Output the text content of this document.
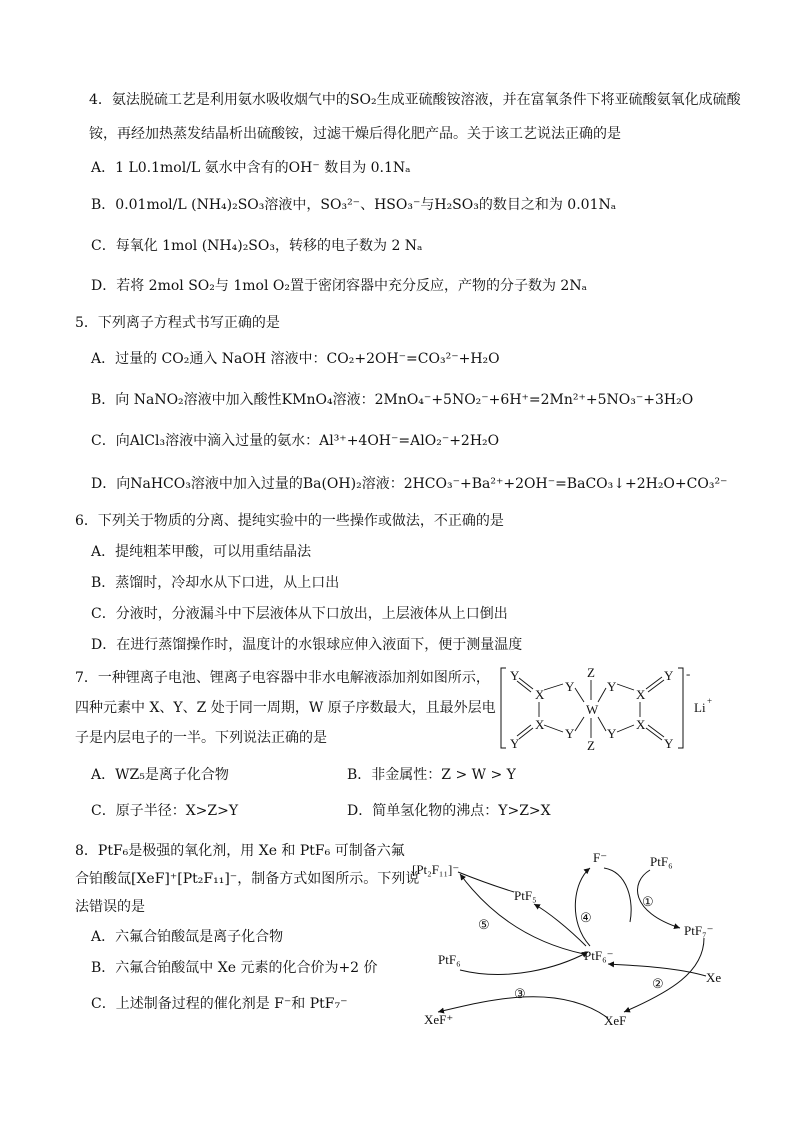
4．氨法脱硫工艺是利用氨水吸收烟气中的SO₂生成亚硫酸铵溶液，并在富氧条件下将亚硫酸氨氧化成硫酸
铵，再经加热蒸发结晶析出硫酸铵，过滤干燥后得化肥产品。关于该工艺说法正确的是
A．1 L0.1mol/L 氨水中含有的OH⁻ 数目为 0.1Nₐ
B．0.01mol/L (NH₄)₂SO₃溶液中，SO₃²⁻、HSO₃⁻与H₂SO₃的数目之和为 0.01Nₐ
C．每氧化 1mol (NH₄)₂SO₃，转移的电子数为 2 Nₐ
D．若将 2mol SO₂与 1mol O₂置于密闭容器中充分反应，产物的分子数为 2Nₐ
5．下列离子方程式书写正确的是
A．过量的 CO₂通入 NaOH 溶液中：CO₂+2OH⁻=CO₃²⁻+H₂O
B．向 NaNO₂溶液中加入酸性KMnO₄溶液：2MnO₄⁻+5NO₂⁻+6H⁺=2Mn²⁺+5NO₃⁻+3H₂O
C．向AlCl₃溶液中滴入过量的氨水：Al³⁺+4OH⁻=AlO₂⁻+2H₂O
D．向NaHCO₃溶液中加入过量的Ba(OH)₂溶液：2HCO₃⁻+Ba²⁺+2OH⁻=BaCO₃↓+2H₂O+CO₃²⁻
6．下列关于物质的分离、提纯实验中的一些操作或做法，不正确的是
A．提纯粗苯甲酸，可以用重结晶法
B．蒸馏时，冷却水从下口进，从上口出
C．分液时，分液漏斗中下层液体从下口放出，上层液体从上口倒出
D．在进行蒸馏操作时，温度计的水银球应伸入液面下，便于测量温度
7．一种锂离子电池、锂离子电容器中非水电解液添加剂如图所示，
四种元素中 X、Y、Z 处于同一周期，W 原子序数最大，且最外层电
子是内层电子的一半。下列说法正确的是
A．WZ₅是离子化合物	B．非金属性：Z > W > Y
C．原子半径：X>Z>Y	D．简单氢化物的沸点：Y>Z>X
-
Li +
Y
X
Y
X
Y
Y
W
Z
Z
Y
X
Y
Y
X
Y
8．PtF₆是极强的氧化剂，用 Xe 和 PtF₆ 可制备六氟
合铂酸氙[XeF]⁺[Pt₂F₁₁]⁻，制备方式如图所示。下列说
法错误的是
A．六氟合铂酸氙是离子化合物
B．六氟合铂酸氙中 Xe 元素的化合价为+2 价
C．上述制备过程的催化剂是 F⁻和 PtF₇⁻
[Pt₂F₁₁]⁻
PtF₅
F⁻	PtF₆
PtF₇⁻
PtF₆⁻
Xe
XeF
XeF⁺
PtF₆
①
②
③
④
⑤
